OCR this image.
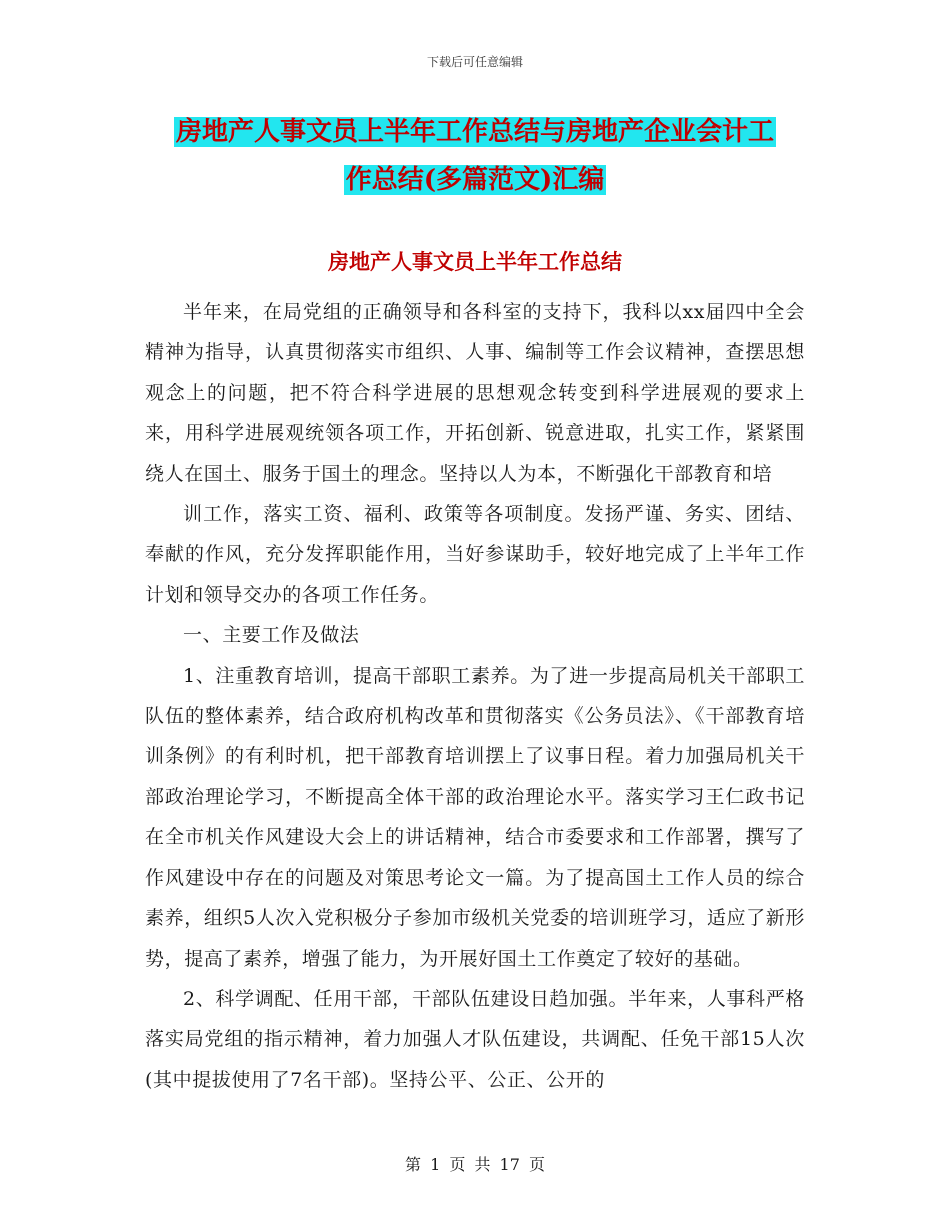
下载后可任意编辑
房地产人事文员上半年工作总结与房地产企业会计工
作总结(多篇范文)汇编
房地产人事文员上半年工作总结

半年来，在局党组的正确领导和各科室的支持下，我科以xx届四中全会精神为指导，认真贯彻落实市组织、人事、编制等工作会议精神，查摆思想观念上的问题，把不符合科学进展的思想观念转变到科学进展观的要求上来，用科学进展观统领各项工作，开拓创新、锐意进取，扎实工作，紧紧围绕人在国土、服务于国土的理念。坚持以人为本，不断强化干部教育和培

训工作，落实工资、福利、政策等各项制度。发扬严谨、务实、团结、奉献的作风，充分发挥职能作用，当好参谋助手，较好地完成了上半年工作计划和领导交办的各项工作任务。

一、主要工作及做法

1、注重教育培训，提高干部职工素养。为了进一步提高局机关干部职工队伍的整体素养，结合政府机构改革和贯彻落实《公务员法》、《干部教育培训条例》的有利时机，把干部教育培训摆上了议事日程。着力加强局机关干部政治理论学习，不断提高全体干部的政治理论水平。落实学习王仁政书记在全市机关作风建设大会上的讲话精神，结合市委要求和工作部署，撰写了作风建设中存在的问题及对策思考论文一篇。为了提高国土工作人员的综合素养，组织5人次入党积极分子参加市级机关党委的培训班学习，适应了新形势，提高了素养，增强了能力，为开展好国土工作奠定了较好的基础。

2、科学调配、任用干部，干部队伍建设日趋加强。半年来，人事科严格落实局党组的指示精神，着力加强人才队伍建设，共调配、任免干部15人次(其中提拔使用了7名干部)。坚持公平、公正、公开的

第 1 页 共 17 页
